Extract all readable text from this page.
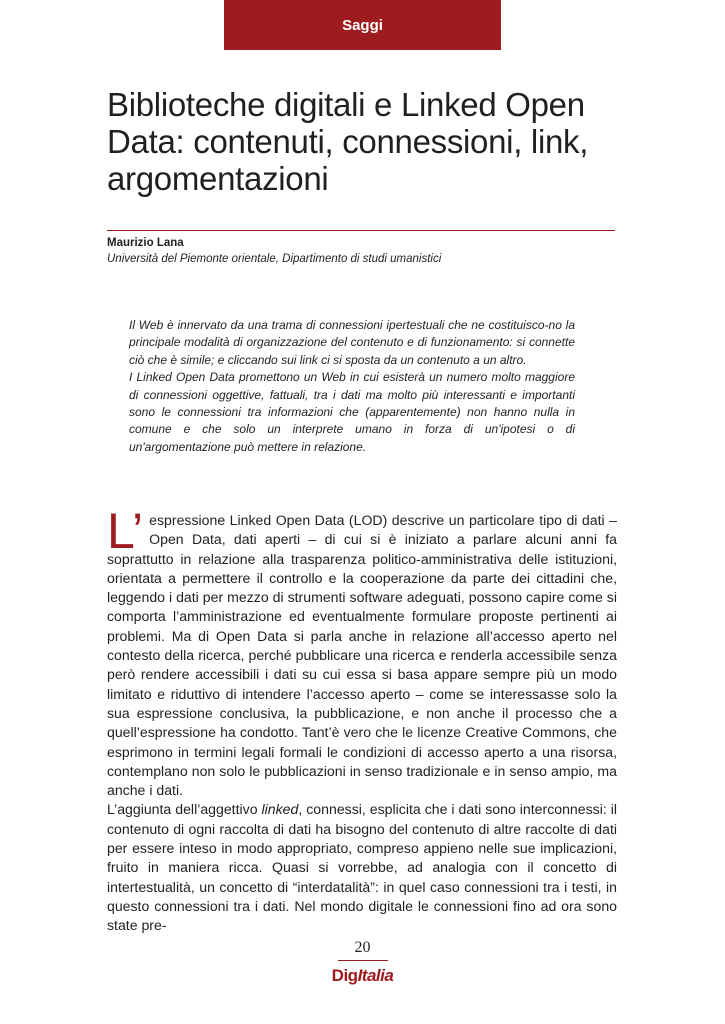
Saggi
Biblioteche digitali e Linked Open Data: contenuti, connessioni, link, argomentazioni
Maurizio Lana
Università del Piemonte orientale, Dipartimento di studi umanistici

Il Web è innervato da una trama di connessioni ipertestuali che ne costituisco-no la principale modalità di organizzazione del contenuto e di funzionamento: si connette ciò che è simile; e cliccando sui link ci si sposta da un contenuto a un altro.

I Linked Open Data promettono un Web in cui esisterà un numero molto maggiore di connessioni oggettive, fattuali, tra i dati ma molto più interessanti e importanti sono le connessioni tra informazioni che (apparentemente) non hanno nulla in comune e che solo un interprete umano in forza di un'ipotesi o di un'argomentazione può mettere in relazione.

L’ espressione Linked Open Data (LOD) descrive un particolare tipo di dati – Open Data, dati aperti – di cui si è iniziato a parlare alcuni anni fa soprattutto in relazione alla trasparenza politico-amministrativa delle istituzioni, orientata a permettere il controllo e la cooperazione da parte dei cittadini che, leggendo i dati per mezzo di strumenti software adeguati, possono capire come si comporta l’amministrazione ed eventualmente formulare proposte pertinenti ai problemi. Ma di Open Data si parla anche in relazione all’accesso aperto nel contesto della ricerca, perché pubblicare una ricerca e renderla accessibile senza però rendere accessibili i dati su cui essa si basa appare sempre più un modo limitato e riduttivo di intendere l’accesso aperto – come se interessasse solo la sua espressione conclusiva, la pubblicazione, e non anche il processo che a quell’espressione ha condotto. Tant’è vero che le licenze Creative Commons, che esprimono in termini legali formali le condizioni di accesso aperto a una risorsa, contemplano non solo le pubblicazioni in senso tradizionale e in senso ampio, ma anche i dati.

L’aggiunta dell’aggettivo linked, connessi, esplicita che i dati sono interconnessi: il contenuto di ogni raccolta di dati ha bisogno del contenuto di altre raccolte di dati per essere inteso in modo appropriato, compreso appieno nelle sue implicazioni, fruito in maniera ricca. Quasi si vorrebbe, ad analogia con il concetto di intertestualità, un concetto di “interdatalità”: in quel caso connessioni tra i testi, in questo connessioni tra i dati. Nel mondo digitale le connessioni fino ad ora sono state pre-

20
DigItalia
